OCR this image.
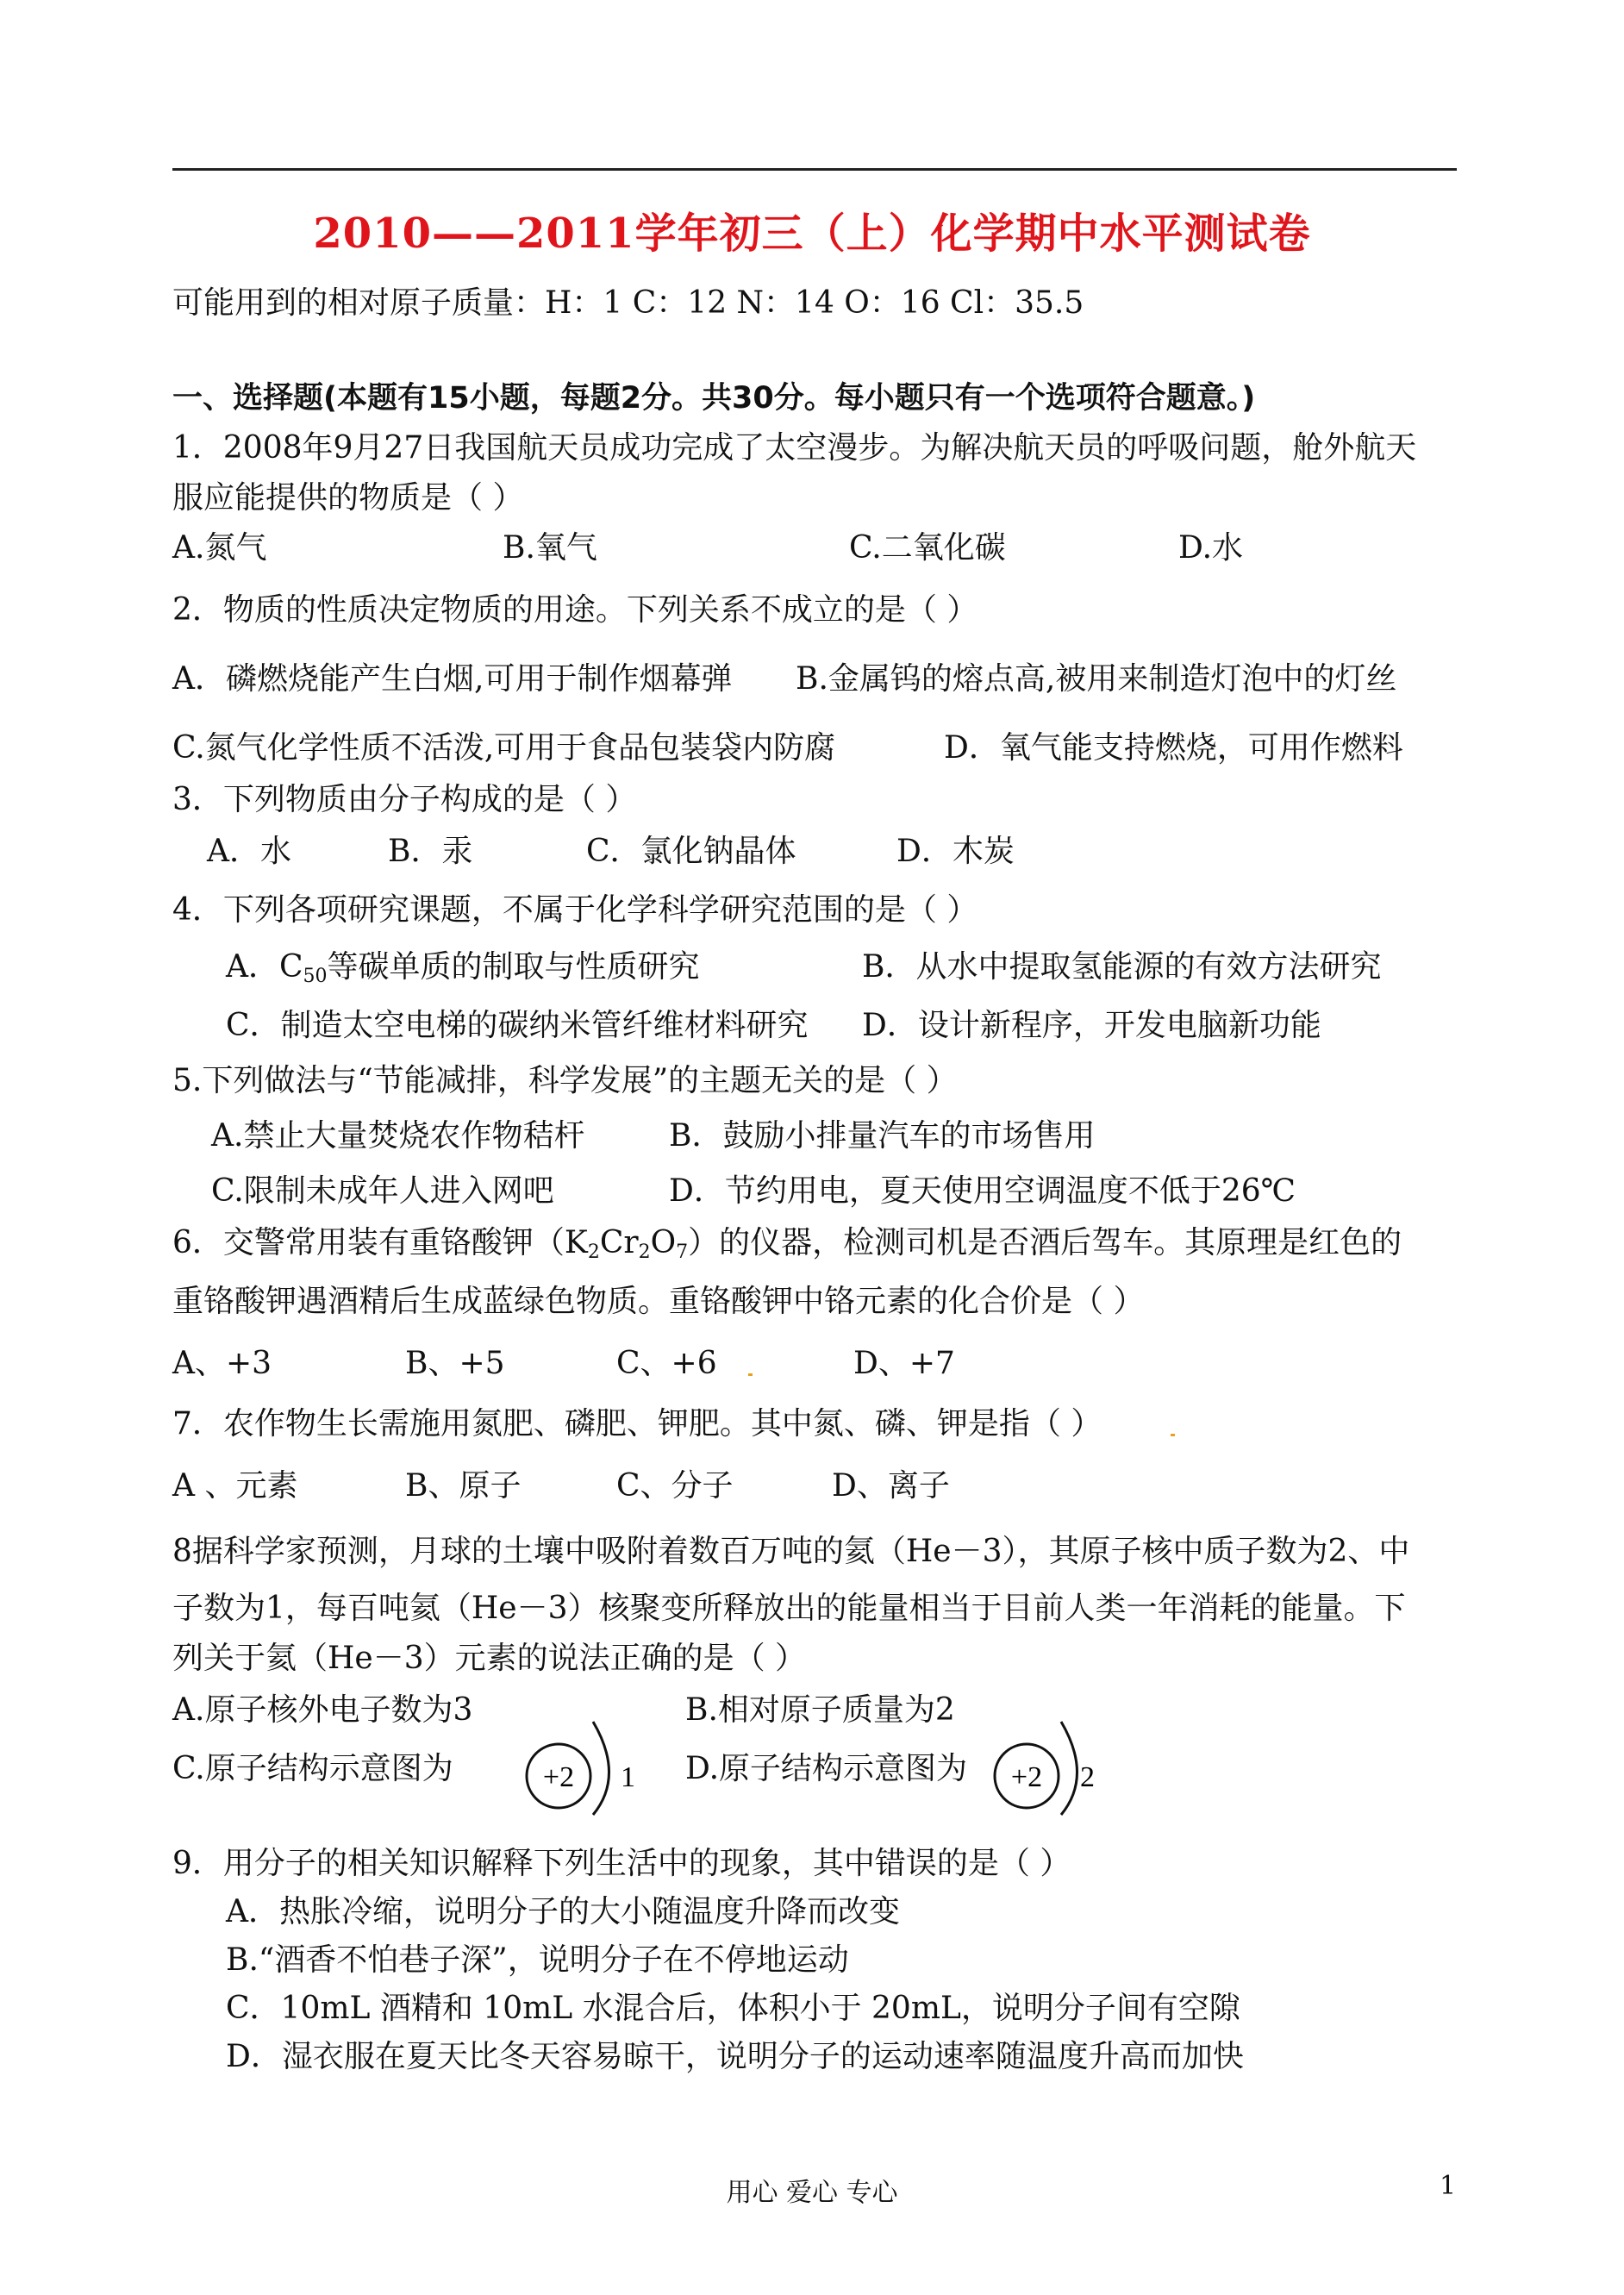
2010——2011学年初三（上）化学期中水平测试卷
可能用到的相对原子质量：H：1 C：12 N：14 O：16 Cl：35.5
一、选择题(本题有15小题，每题2分。共30分。每小题只有一个选项符合题意。)
1．2008年9月27日我国航天员成功完成了太空漫步。为解决航天员的呼吸问题，舱外航天
服应能提供的物质是（ ）
A.氮气	B.氧气	C.二氧化碳	D.水
2．物质的性质决定物质的用途。下列关系不成立的是（ ）
A．磷燃烧能产生白烟,可用于制作烟幕弹 B.金属钨的熔点高,被用来制造灯泡中的灯丝
C.氮气化学性质不活泼,可用于食品包装袋内防腐	D．氧气能支持燃烧，可用作燃料
3．下列物质由分子构成的是（ ）
A．水	B．汞	C．氯化钠晶体	D．木炭
4．下列各项研究课题，不属于化学科学研究范围的是（ ）
A．$C_{50}$等碳单质的制取与性质研究	B．从水中提取氢能源的有效方法研究
C．制造太空电梯的碳纳米管纤维材料研究 D．设计新程序，开发电脑新功能
5.下列做法与“节能减排，科学发展”的主题无关的是（ ）
A.禁止大量焚烧农作物秸杆	B．鼓励小排量汽车的市场售用
C.限制未成年人进入网吧	D．节约用电，夏天使用空调温度不低于26℃
6．交警常用装有重铬酸钾$(K_2Cr_2O_7)$的仪器，检测司机是否酒后驾车。其原理是红色的
重铬酸钾遇酒精后生成蓝绿色物质。重铬酸钾中铬元素的化合价是（ ）
A、+3	B、+5	C、+6	D、+7
7．农作物生长需施用氮肥、磷肥、钾肥。其中氮、磷、钾是指（ ）
A 、元素	B、原子	C、分子	D、离子
8据科学家预测，月球的土壤中吸附着数百万吨的氦（He－3），其原子核中质子数为2、中
子数为1，每百吨氦（He－3）核聚变所释放出的能量相当于目前人类一年消耗的能量。下
列关于氦（He－3）元素的说法正确的是（ ）
A.原子核外电子数为3	B.相对原子质量为2
C.原子结构示意图为	D.原子结构示意图为
+2 1	+2 2
9．用分子的相关知识解释下列生活中的现象，其中错误的是（ ）
A．热胀冷缩，说明分子的大小随温度升降而改变
B.“酒香不怕巷子深”，说明分子在不停地运动
C．10mL 酒精和 10mL 水混合后，体积小于 20mL，说明分子间有空隙
D．湿衣服在夏天比冬天容易晾干，说明分子的运动速率随温度升高而加快
用心 爱心 专心	1
